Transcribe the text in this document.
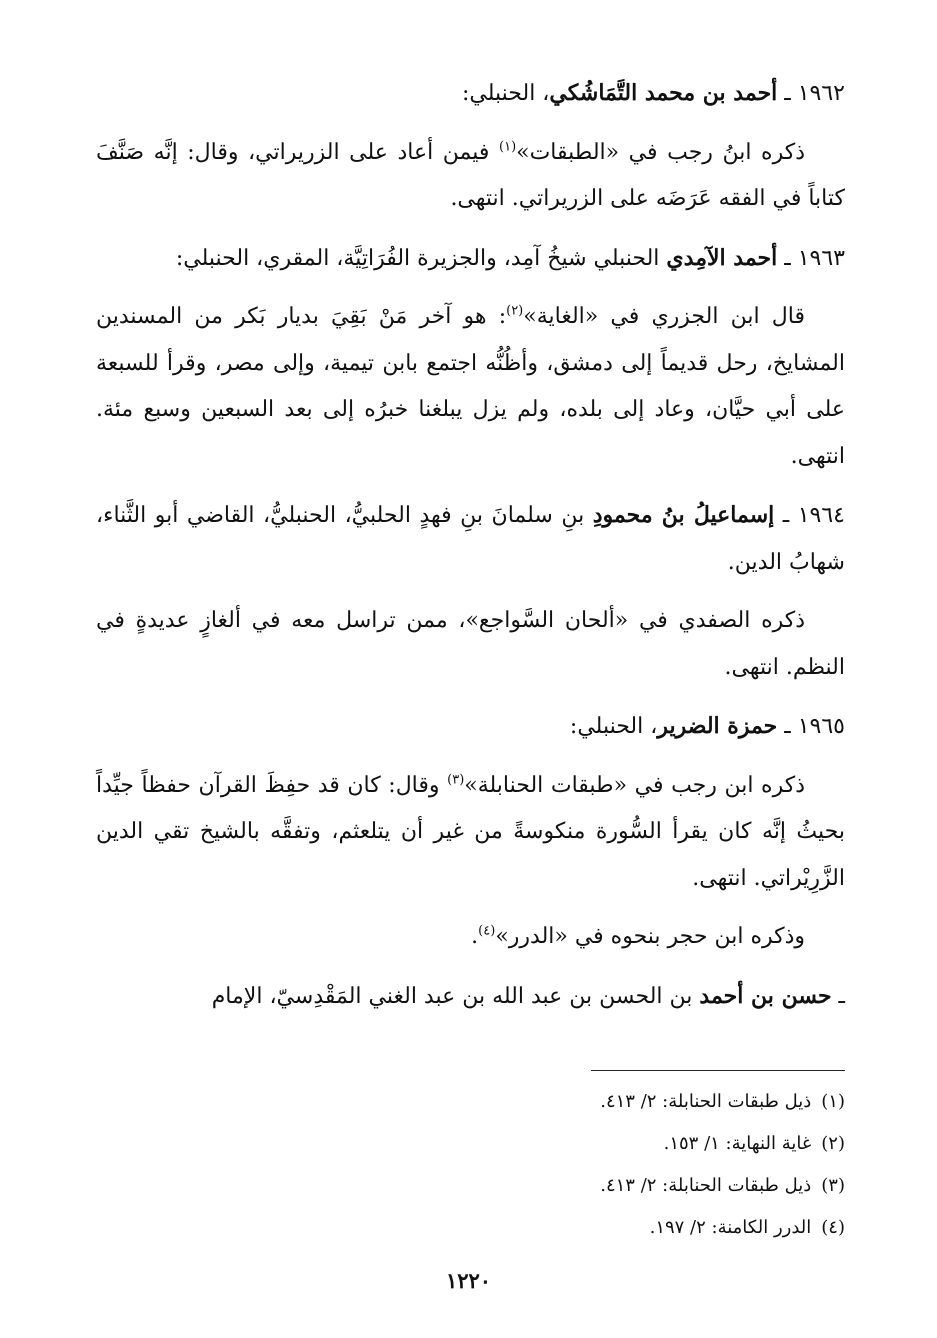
١٩٦٢ ـ أحمد بن محمد التَّمَاشُكي، الحنبلي:

ذكره ابنُ رجب في «الطبقات»$^{(١)}$ فيمن أعاد على الزريراتي، وقال: إنَّه صَنَّفَ كتاباً في الفقه عَرَضَه على الزريراتي. انتهى.

١٩٦٣ ـ أحمد الآمِدي الحنبلي شيخُ آمِد، والجزيرة الفُرَاتِيَّة، المقري، الحنبلي:

قال ابن الجزري في «الغاية»$^{(٢)}$: هو آخر مَنْ بَقِيَ بديار بَكر من المسندين المشايخ، رحل قديماً إلى دمشق، وأظُنُّه اجتمع بابن تيمية، وإلى مصر، وقرأ للسبعة على أبي حيَّان، وعاد إلى بلده، ولم يزل يبلغنا خبرُه إلى بعد السبعين وسبع مئة. انتهى.

١٩٦٤ ـ إسماعيلُ بنُ محمودِ بنِ سلمانَ بنِ فهدٍ الحلبيُّ، الحنبليُّ، القاضي أبو الثَّناء، شهابُ الدين.

ذكره الصفدي في «ألحان السَّواجع»، ممن تراسل معه في ألغازٍ عديدةٍ في النظم. انتهى.

١٩٦٥ ـ حمزة الضرير، الحنبلي:

ذكره ابن رجب في «طبقات الحنابلة»$^{(٣)}$ وقال: كان قد حفِظَ القرآن حفظاً جيِّداً بحيثُ إنَّه كان يقرأ السُّورة منكوسةً من غير أن يتلعثم، وتفقَّه بالشيخ تقي الدين الزَّرِيْراتي. انتهى.

وذكره ابن حجر بنحوه في «الدرر»$^{(٤)}$.

ـ حسن بن أحمد بن الحسن بن عبد الله بن عبد الغني المَقْدِسيّ، الإمام

(١)ذيل طبقات الحنابلة: ٢/ ٤١٣.
(٢)غاية النهاية: ١/ ١٥٣.
(٣)ذيل طبقات الحنابلة: ٢/ ٤١٣.
(٤)الدرر الكامنة: ٢/ ١٩٧.
١٢٢٠
